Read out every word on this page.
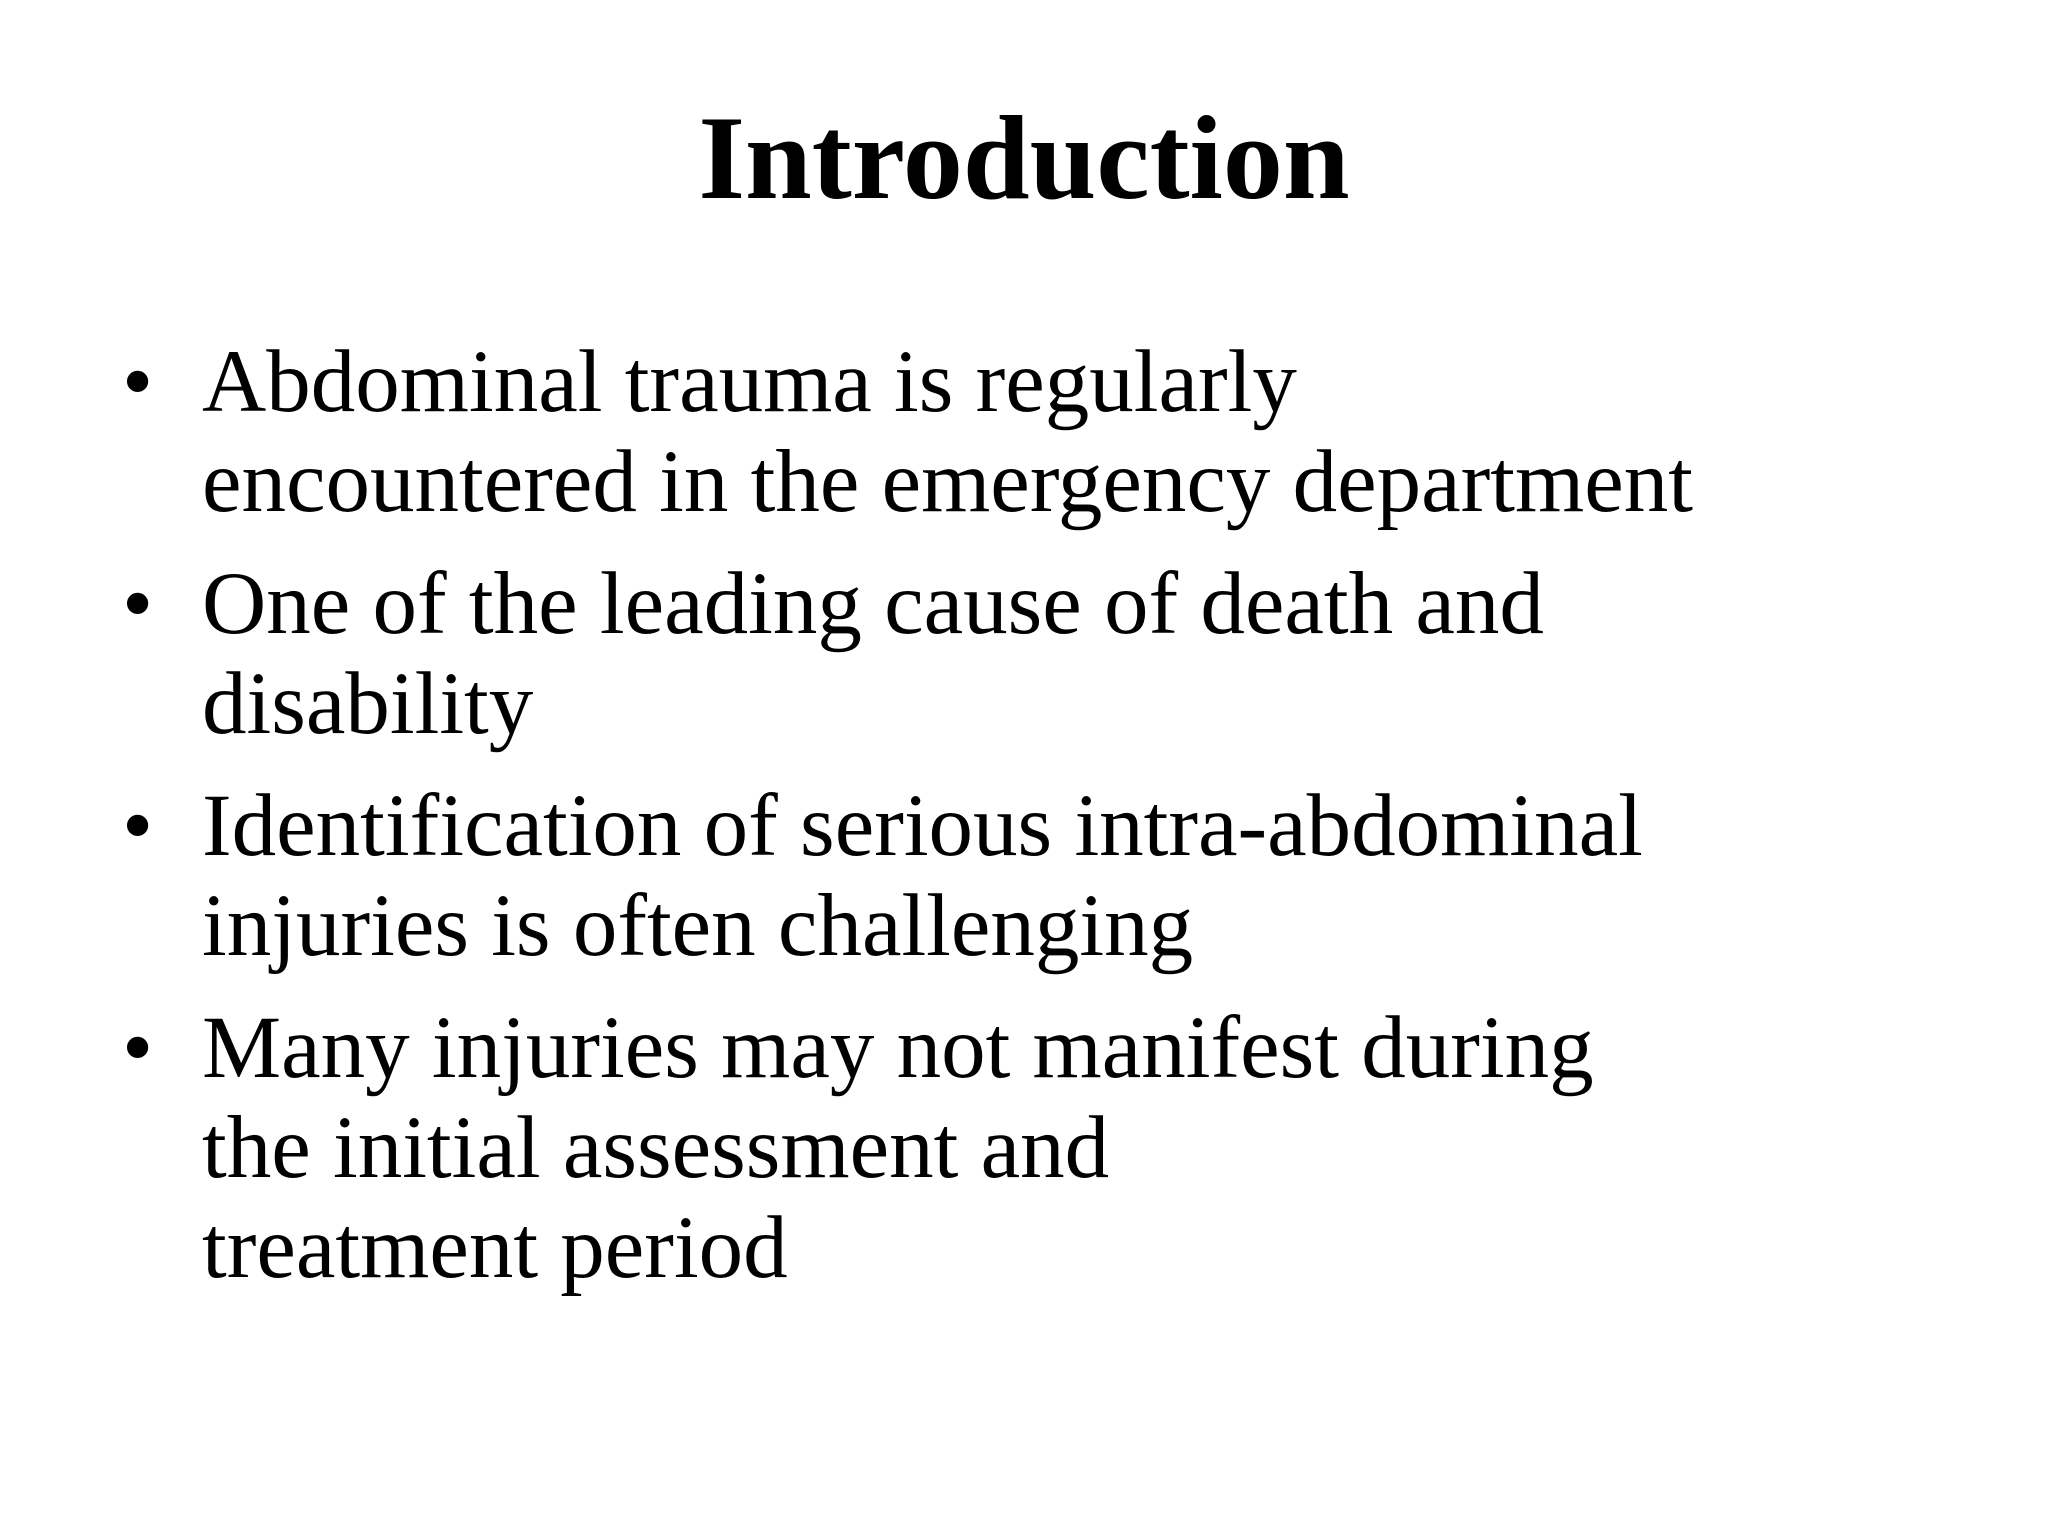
Introduction
• Abdominal trauma is regularly
encountered in the emergency department
• One of the leading cause of death and
disability
• Identification of serious intra-abdominal
injuries is often challenging
• Many injuries may not manifest during
the initial assessment and
treatment period
